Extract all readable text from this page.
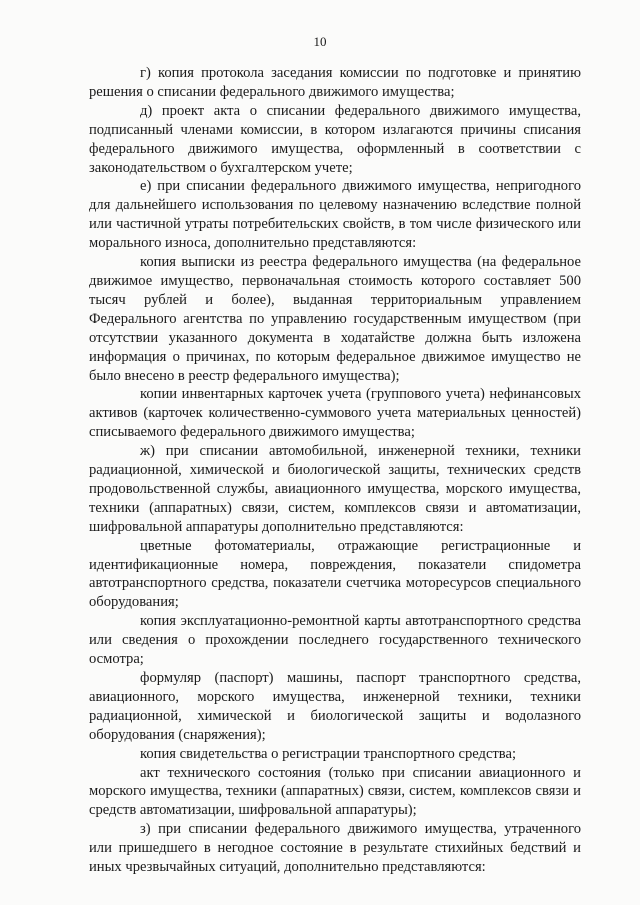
10

г) копия протокола заседания комиссии по подготовке и принятию решения о списании федерального движимого имущества;

д) проект акта о списании федерального движимого имущества, подписанный членами комиссии, в котором излагаются причины списания федерального движимого имущества, оформленный в соответствии с законодательством о бухгалтерском учете;

е) при списании федерального движимого имущества, непригодного для дальнейшего использования по целевому назначению вследствие полной или частичной утраты потребительских свойств, в том числе физического или морального износа, дополнительно представляются:

копия выписки из реестра федерального имущества (на федеральное движимое имущество, первоначальная стоимость которого составляет 500 тысяч рублей и более), выданная территориальным управлением Федерального агентства по управлению государственным имуществом (при отсутствии указанного документа в ходатайстве должна быть изложена информация о причинах, по которым федеральное движимое имущество не было внесено в реестр федерального имущества);

копии инвентарных карточек учета (группового учета) нефинансовых активов (карточек количественно-суммового учета материальных ценностей) списываемого федерального движимого имущества;

ж) при списании автомобильной, инженерной техники, техники радиационной, химической и биологической защиты, технических средств продовольственной службы, авиационного имущества, морского имущества, техники (аппаратных) связи, систем, комплексов связи и автоматизации, шифровальной аппаратуры дополнительно представляются:

цветные фотоматериалы, отражающие регистрационные и идентификационные номера, повреждения, показатели спидометра автотранспортного средства, показатели счетчика моторесурсов специального оборудования;

копия эксплуатационно-ремонтной карты автотранспортного средства или сведения о прохождении последнего государственного технического осмотра;

формуляр (паспорт) машины, паспорт транспортного средства, авиационного, морского имущества, инженерной техники, техники радиационной, химической и биологической защиты и водолазного оборудования (снаряжения);

копия свидетельства о регистрации транспортного средства;

акт технического состояния (только при списании авиационного и морского имущества, техники (аппаратных) связи, систем, комплексов связи и средств автоматизации, шифровальной аппаратуры);

з) при списании федерального движимого имущества, утраченного или пришедшего в негодное состояние в результате стихийных бедствий и иных чрезвычайных ситуаций, дополнительно представляются:
